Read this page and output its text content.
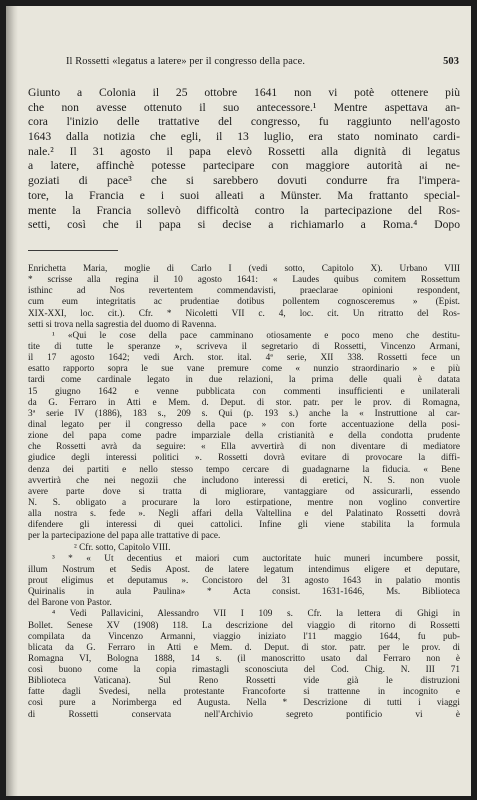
Il Rossetti «legatus a latere» per il congresso della pace.	503
Giunto a Colonia il 25 ottobre 1641 non vi potè ottenere più
che non avesse ottenuto il suo antecessore.¹ Mentre aspettava an-
cora l'inizio delle trattative del congresso, fu raggiunto nell'agosto
1643 dalla notizia che egli, il 13 luglio, era stato nominato cardi-
nale.² Il 31 agosto il papa elevò Rossetti alla dignità di legatus
a latere, affinchè potesse partecipare con maggiore autorità ai ne-
goziati di pace³ che si sarebbero dovuti condurre fra l'impera-
tore, la Francia e i suoi alleati a Münster. Ma frattanto special-
mente la Francia sollevò difficoltà contro la partecipazione del Ros-
setti, così che il papa si decise a richiamarlo a Roma.⁴ Dopo
Enrichetta Maria, moglie di Carlo I (vedi sotto, Capitolo X). Urbano VIII
* scrisse alla regina il 10 agosto 1641: « Laudes quibus comitem Rossettum
isthinc ad Nos revertentem commendavisti, praeclarae opinioni respondent,
cum eum integritatis ac prudentiae dotibus pollentem cognosceremus » (Epist.
XIX-XXI, loc. cit.). Cfr. * Nicoletti VII c. 4, loc. cit. Un ritratto del Ros-
setti si trova nella sagrestia del duomo di Ravenna.
¹ «Qui le cose della pace camminano otiosamente e poco meno che destitu-
tite di tutte le speranze », scriveva il segretario di Rossetti, Vincenzo Armani,
il 17 agosto 1642; vedi Arch. stor. ital. 4ª serie, XII 338. Rossetti fece un
esatto rapporto sopra le sue vane premure come « nunzio straordinario » e più
tardi come cardinale legato in due relazioni, la prima delle quali è datata
15 giugno 1642 e venne pubblicata con commenti insufficienti e unilaterali
da G. Ferraro in Atti e Mem. d. Deput. di stor. patr. per le prov. di Romagna,
3ª serie IV (1886), 183 s., 209 s. Qui (p. 193 s.) anche la « Instruttione al car-
dinal legato per il congresso della pace » con forte accentuazione della posi-
zione del papa come padre imparziale della cristianità e della condotta prudente
che Rossetti avrà da seguire: « Ella avvertirà di non diventare di mediatore
giudice degli interessi politici ». Rossetti dovrà evitare di provocare la diffi-
denza dei partiti e nello stesso tempo cercare di guadagnarne la fiducia. « Bene
avvertirà che nei negozii che includono interessi di eretici, N. S. non vuole
avere parte dove si tratta di migliorare, vantaggiare od assicurarli, essendo
N. S. obligato a procurare la loro estirpatione, mentre non voglino convertire
alla nostra s. fede ». Negli affari della Valtellina e del Palatinato Rossetti dovrà
difendere gli interessi di quei cattolici. Infine gli viene stabilita la formula
per la partecipazione del papa alle trattative di pace.
² Cfr. sotto, Capitolo VIII.
³ * « Ut decentius et maiori cum auctoritate huic muneri incumbere possit,
illum Nostrum et Sedis Apost. de latere legatum intendimus eligere et deputare,
prout eligimus et deputamus ». Concistoro del 31 agosto 1643 in palatio montis
Quirinalis in aula Paulina» * Acta consist. 1631-1646, Ms. Biblioteca
del Barone von Pastor.
⁴ Vedi Pallavicini, Alessandro VII I 109 s. Cfr. la lettera di Ghigi in
Bollet. Senese XV (1908) 118. La descrizione del viaggio di ritorno di Rossetti
compilata da Vincenzo Armanni, viaggio iniziato l'11 maggio 1644, fu pub-
blicata da G. Ferraro in Atti e Mem. d. Deput. di stor. patr. per le prov. di
Romagna VI, Bologna 1888, 14 s. (il manoscritto usato dal Ferraro non è
così buono come la copia rimastagli sconosciuta del Cod. Chig. N. III 71
Biblioteca Vaticana). Sul Reno Rossetti vide già le distruzioni
fatte dagli Svedesi, nella protestante Francoforte si trattenne in incognito e
così pure a Norimberga ed Augusta. Nella * Descrizione di tutti i viaggi
di Rossetti conservata nell'Archivio segreto pontificio vi è
